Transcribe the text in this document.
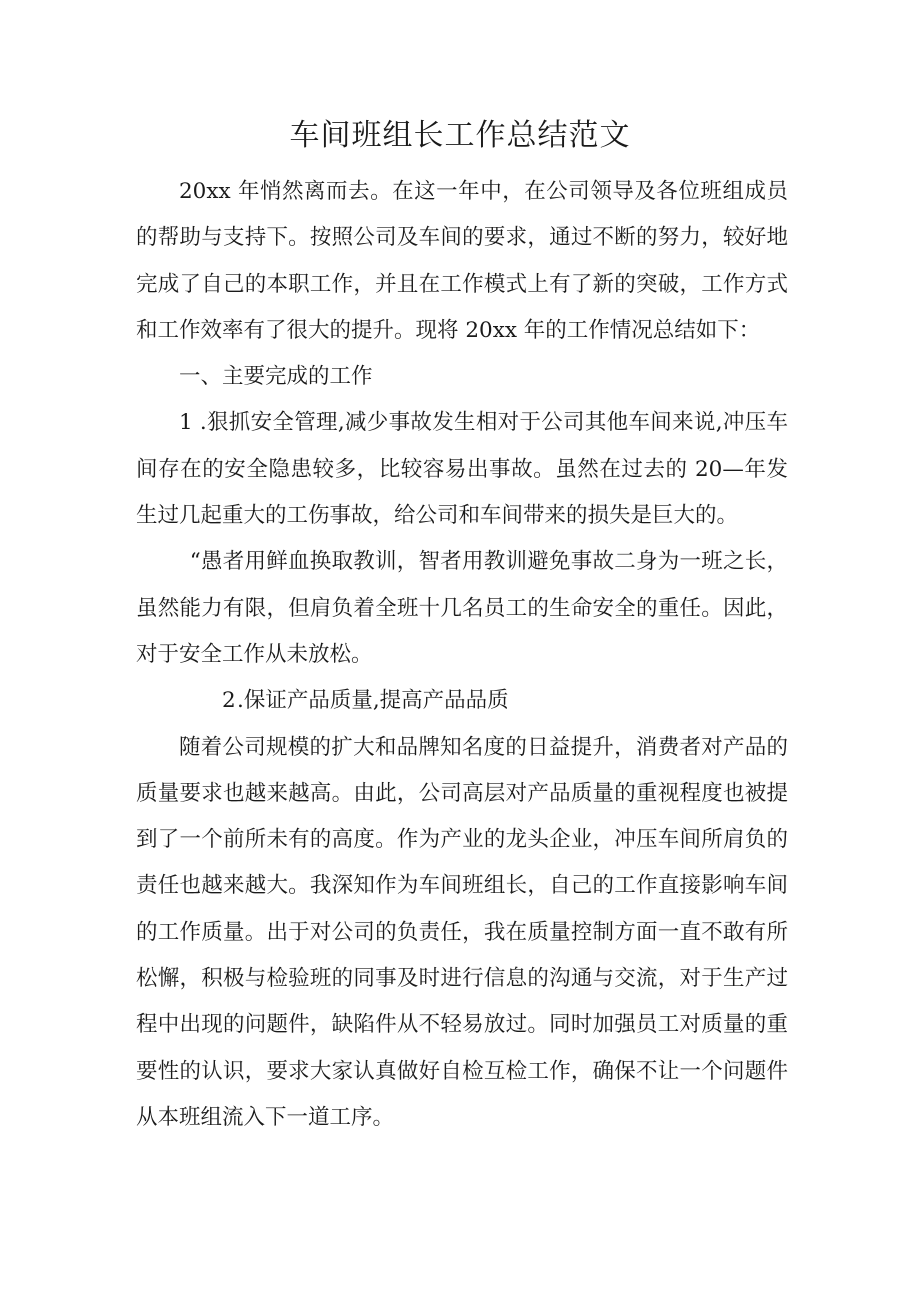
车间班组长工作总结范文

20xx 年悄然离而去。在这一年中，在公司领导及各位班组成员的帮助与支持下。按照公司及车间的要求，通过不断的努力，较好地完成了自己的本职工作，并且在工作模式上有了新的突破，工作方式和工作效率有了很大的提升。现将 20xx 年的工作情况总结如下：

一、主要完成的工作

1 .狠抓安全管理,减少事故发生相对于公司其他车间来说,冲压车间存在的安全隐患较多，比较容易出事故。虽然在过去的 20—年发生过几起重大的工伤事故，给公司和车间带来的损失是巨大的。

“愚者用鲜血换取教训，智者用教训避免事故二身为一班之长，虽然能力有限，但肩负着全班十几名员工的生命安全的重任。因此，对于安全工作从未放松。

2.保证产品质量,提高产品品质

随着公司规模的扩大和品牌知名度的日益提升，消费者对产品的质量要求也越来越高。由此，公司高层对产品质量的重视程度也被提到了一个前所未有的高度。作为产业的龙头企业，冲压车间所肩负的责任也越来越大。我深知作为车间班组长，自己的工作直接影响车间的工作质量。出于对公司的负责任，我在质量控制方面一直不敢有所松懈，积极与检验班的同事及时进行信息的沟通与交流，对于生产过程中出现的问题件，缺陷件从不轻易放过。同时加强员工对质量的重要性的认识，要求大家认真做好自检互检工作，确保不让一个问题件从本班组流入下一道工序。
